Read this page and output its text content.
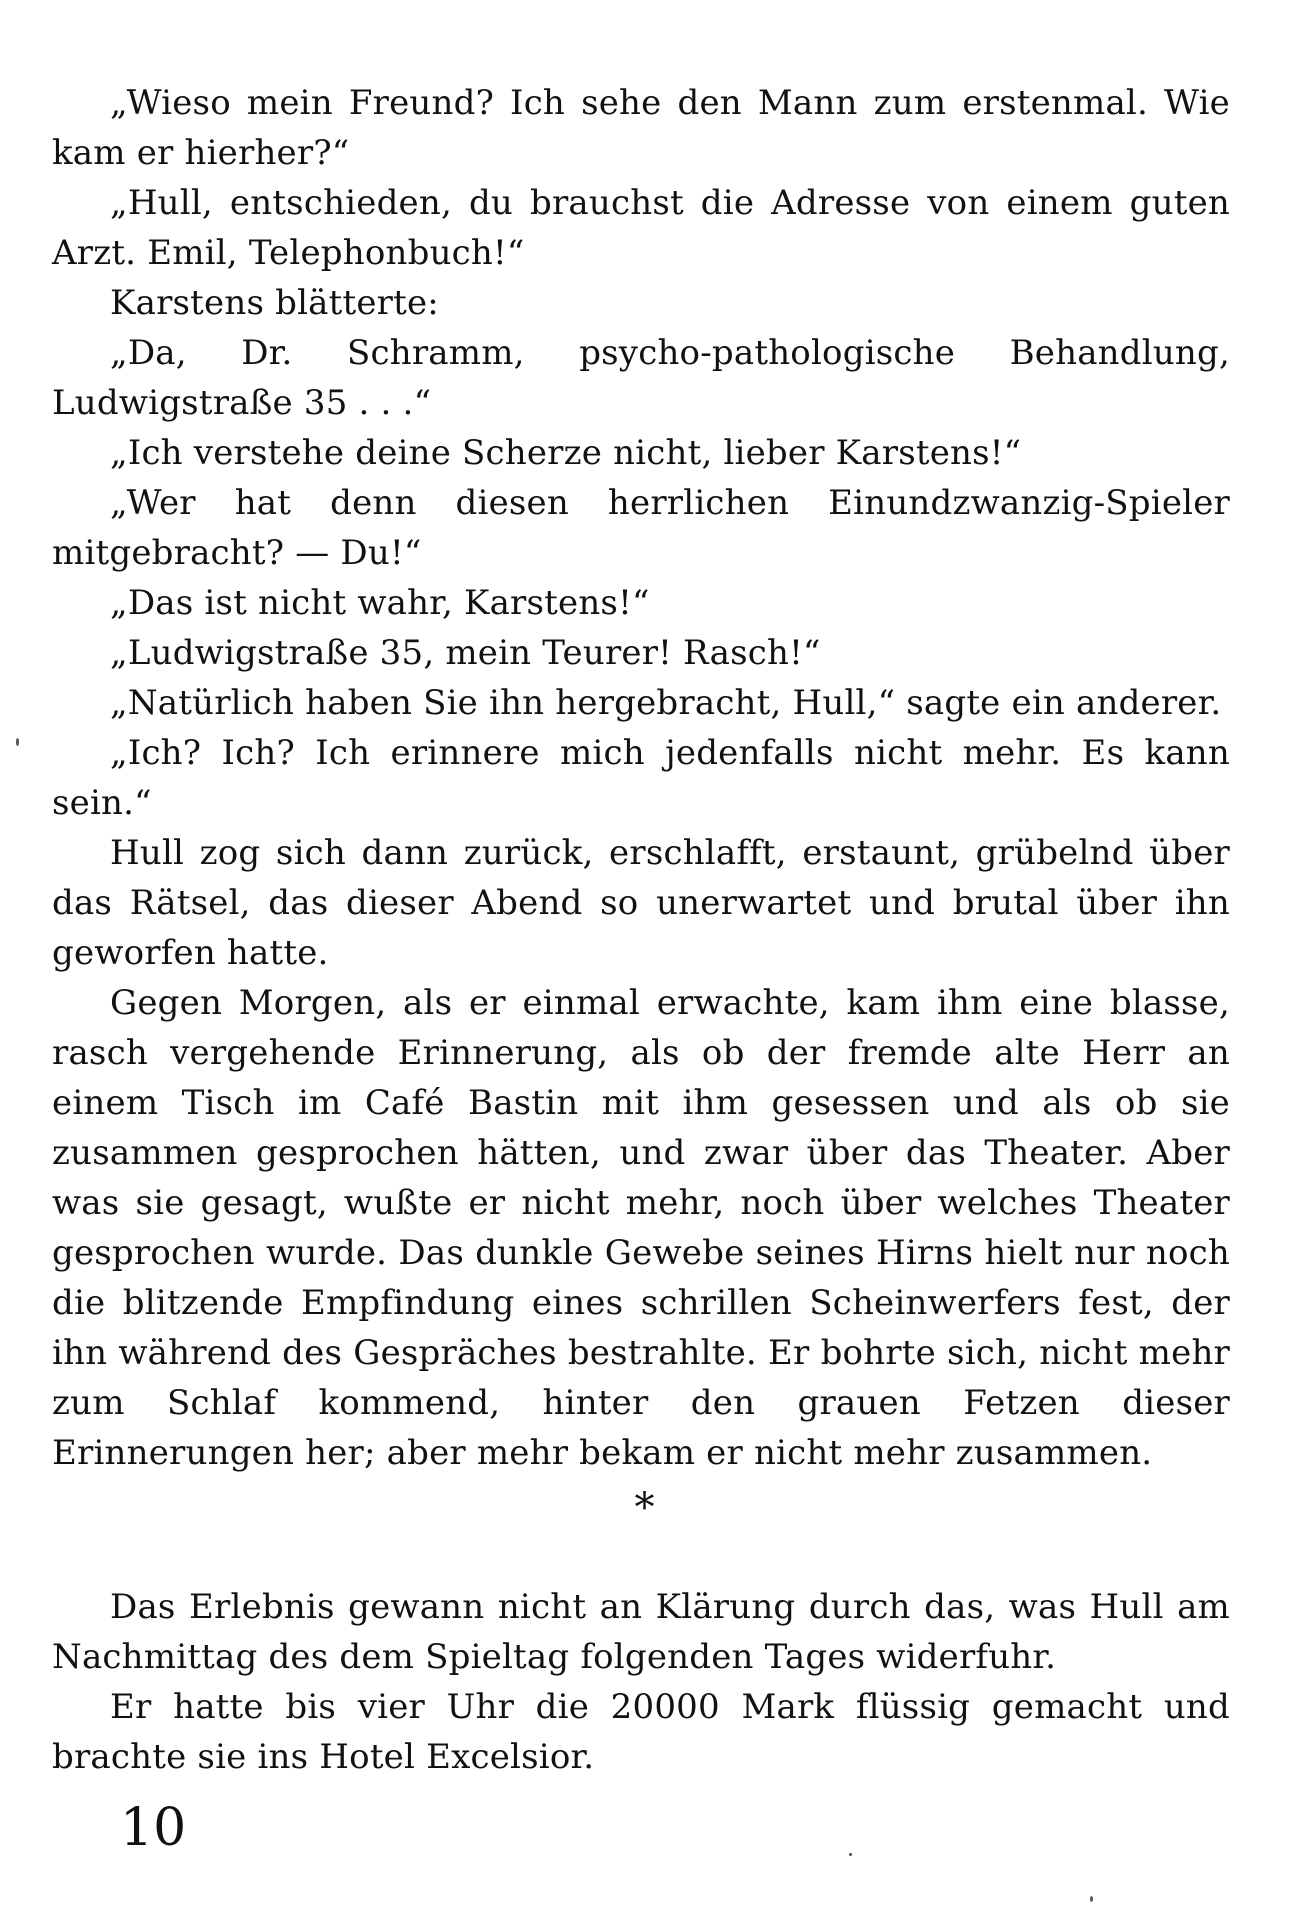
„Wieso mein Freund? Ich sehe den Mann zum erstenmal. Wie kam er hierher?“

„Hull, entschieden, du brauchst die Adresse von einem guten Arzt. Emil, Telephonbuch!“

Karstens blätterte:

„Da, Dr. Schramm, psycho-pathologische Behandlung, Ludwigstraße 35 . . .“

„Ich verstehe deine Scherze nicht, lieber Karstens!“

„Wer hat denn diesen herrlichen Einundzwanzig-Spieler mitgebracht? — Du!“

„Das ist nicht wahr, Karstens!“

„Ludwigstraße 35, mein Teurer! Rasch!“

„Natürlich haben Sie ihn hergebracht, Hull,“ sagte ein anderer.

„Ich? Ich? Ich erinnere mich jedenfalls nicht mehr. Es kann sein.“

Hull zog sich dann zurück, erschlafft, erstaunt, grübelnd über das Rätsel, das dieser Abend so unerwartet und brutal über ihn geworfen hatte.

Gegen Morgen, als er einmal erwachte, kam ihm eine blasse, rasch vergehende Erinnerung, als ob der fremde alte Herr an einem Tisch im Café Bastin mit ihm gesessen und als ob sie zusammen gesprochen hätten, und zwar über das Theater. Aber was sie gesagt, wußte er nicht mehr, noch über welches Theater gesprochen wurde. Das dunkle Gewebe seines Hirns hielt nur noch die blitzende Empfindung eines schrillen Scheinwerfers fest, der ihn während des Gespräches bestrahlte. Er bohrte sich, nicht mehr zum Schlaf kommend, hinter den grauen Fetzen dieser Erinnerungen her; aber mehr bekam er nicht mehr zusammen.

*

Das Erlebnis gewann nicht an Klärung durch das, was Hull am Nachmittag des dem Spieltag folgenden Tages widerfuhr.

Er hatte bis vier Uhr die 20000 Mark flüssig gemacht und brachte sie ins Hotel Excelsior.

10
